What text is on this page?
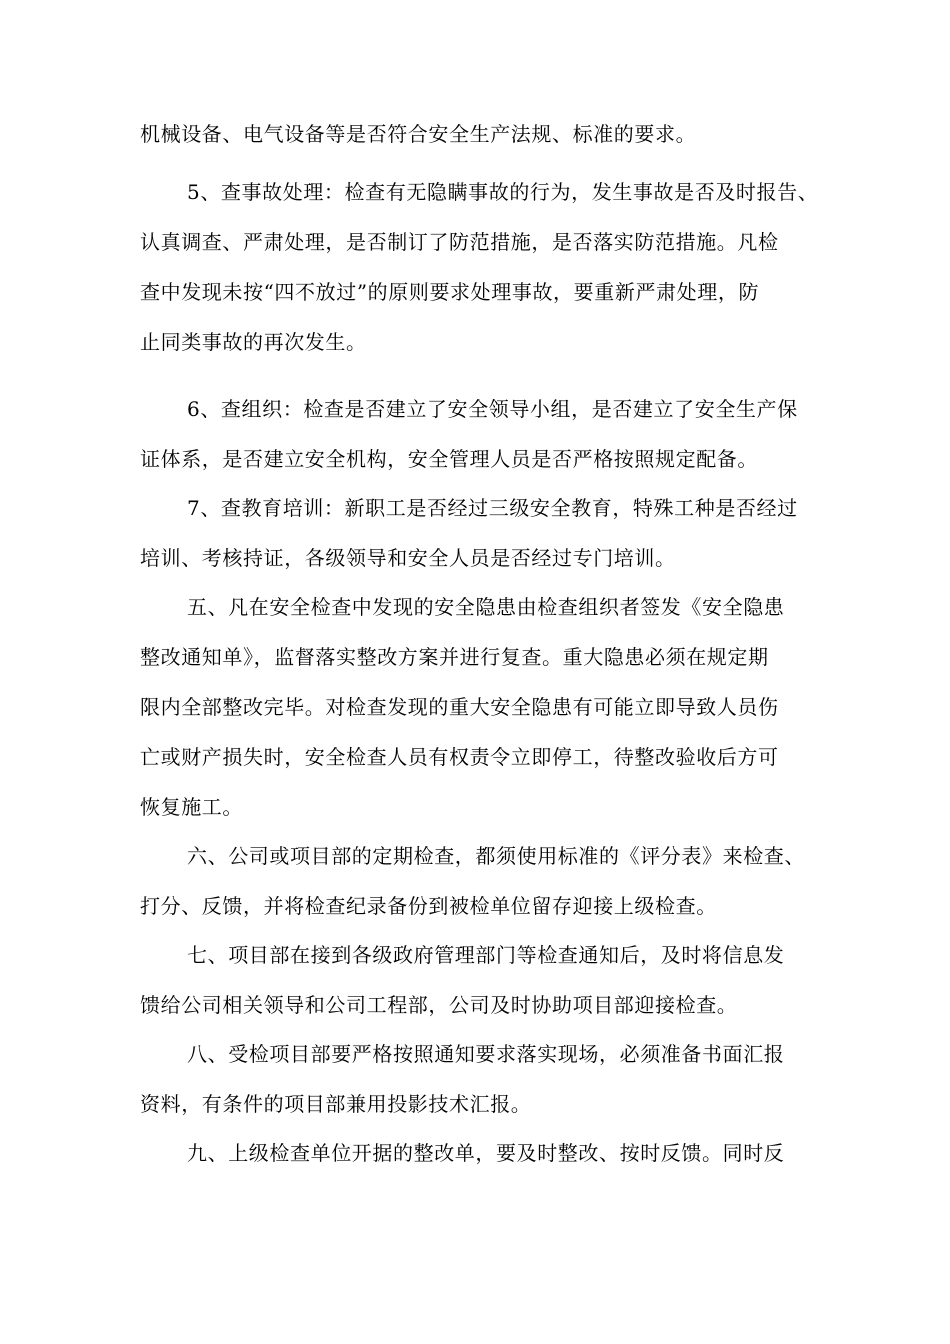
机械设备、电气设备等是否符合安全生产法规、标准的要求。
5、查事故处理：检查有无隐瞒事故的行为，发生事故是否及时报告、
认真调查、严肃处理，是否制订了防范措施，是否落实防范措施。凡检
查中发现未按“四不放过”的原则要求处理事故，要重新严肃处理，防
止同类事故的再次发生。
6、查组织：检查是否建立了安全领导小组，是否建立了安全生产保
证体系，是否建立安全机构，安全管理人员是否严格按照规定配备。
7、查教育培训：新职工是否经过三级安全教育，特殊工种是否经过
培训、考核持证，各级领导和安全人员是否经过专门培训。
五、凡在安全检查中发现的安全隐患由检查组织者签发《安全隐患
整改通知单》，监督落实整改方案并进行复查。重大隐患必须在规定期
限内全部整改完毕。对检查发现的重大安全隐患有可能立即导致人员伤
亡或财产损失时，安全检查人员有权责令立即停工，待整改验收后方可
恢复施工。
六、公司或项目部的定期检查，都须使用标准的《评分表》来检查、
打分、反馈，并将检查纪录备份到被检单位留存迎接上级检查。
七、项目部在接到各级政府管理部门等检查通知后，及时将信息发
馈给公司相关领导和公司工程部，公司及时协助项目部迎接检查。
八、受检项目部要严格按照通知要求落实现场，必须准备书面汇报
资料，有条件的项目部兼用投影技术汇报。
九、上级检查单位开据的整改单，要及时整改、按时反馈。同时反
